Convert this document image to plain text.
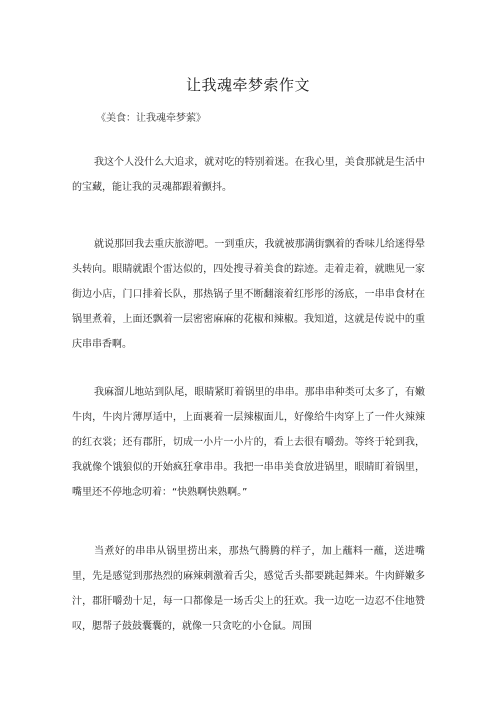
让我魂牵梦索作文
《美食：让我魂牵梦萦》

我这个人没什么大追求，就对吃的特别着迷。在我心里，美食那就是生活中的宝藏，能让我的灵魂都跟着颤抖。

就说那回我去重庆旅游吧。一到重庆，我就被那满街飘着的香味儿给迷得晕头转向。眼睛就跟个雷达似的，四处搜寻着美食的踪迹。走着走着，就瞧见一家街边小店，门口排着长队，那热锅子里不断翻滚着红彤彤的汤底，一串串食材在锅里煮着，上面还飘着一层密密麻麻的花椒和辣椒。我知道，这就是传说中的重庆串串香啊。

我麻溜儿地站到队尾，眼睛紧盯着锅里的串串。那串串种类可太多了，有嫩牛肉，牛肉片薄厚适中，上面裹着一层辣椒面儿，好像给牛肉穿上了一件火辣辣的红衣裳；还有郡肝，切成一小片一小片的，看上去很有嚼劲。等终于轮到我，我就像个饿狼似的开始疯狂拿串串。我把一串串美食放进锅里，眼睛盯着锅里，嘴里还不停地念叨着：“快熟啊快熟啊。”

当煮好的串串从锅里捞出来，那热气腾腾的样子，加上蘸料一蘸，送进嘴里，先是感觉到那热烈的麻辣刺激着舌尖，感觉舌头都要跳起舞来。牛肉鲜嫩多汁，郡肝嚼劲十足，每一口都像是一场舌尖上的狂欢。我一边吃一边忍不住地赞叹，腮帮子鼓鼓囊囊的，就像一只贪吃的小仓鼠。周围
